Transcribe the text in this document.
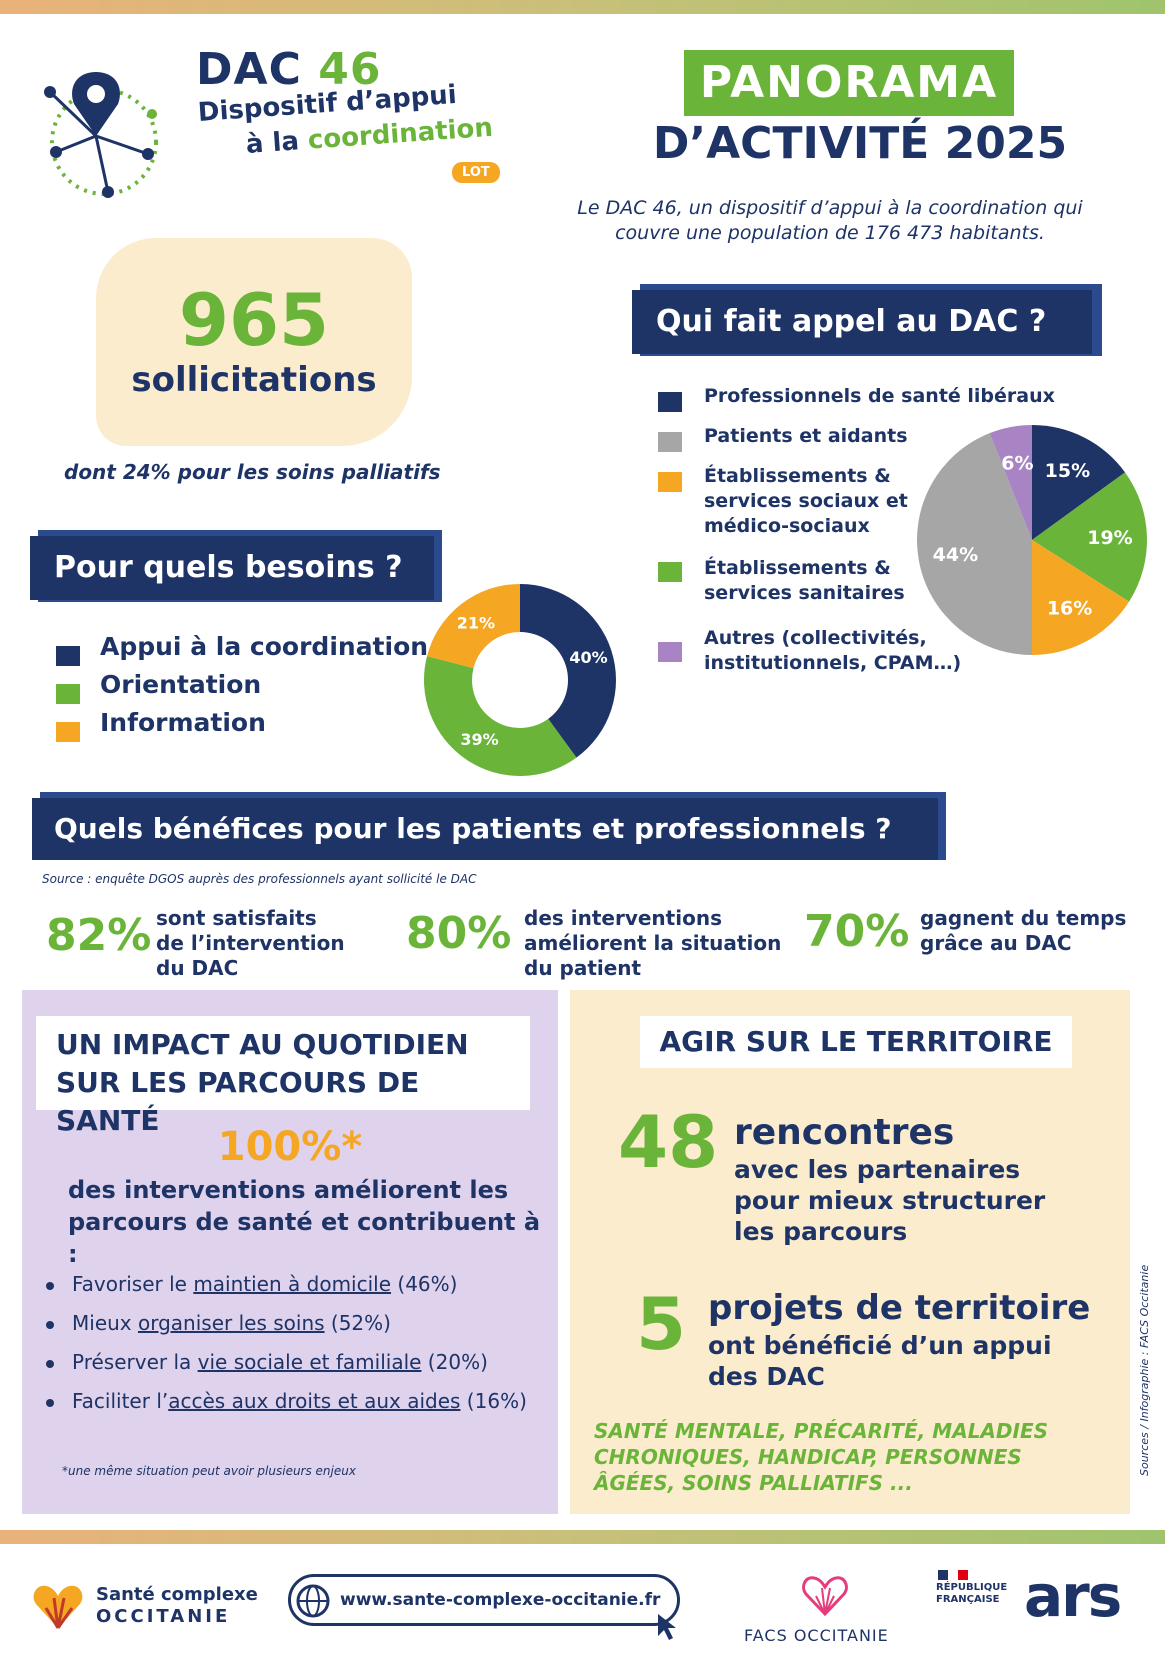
DAC 46
Dispositif d’appui
à la coordination
LOT
PANORAMA
D’ACTIVITÉ 2025
Le DAC 46, un dispositif d’appui à la coordination qui couvre une population de 176 473 habitants.
965
sollicitations
dont 24% pour les soins palliatifs
Qui fait appel au DAC ?
Professionnels de santé libéraux
Patients et aidants
Établissements & services sociaux et médico-sociaux
Établissements & services sanitaires
Autres (collectivités, institutionnels, CPAM…)
15%
19%
16%
44%
6%
Pour quels besoins ?
Appui à la coordination
Orientation
Information
40%
39%
21%
Quels bénéfices pour les patients et professionnels ?
Source : enquête DGOS auprès des professionnels ayant sollicité le DAC
82% sont satisfaits
de l’intervention
du DAC
80% des interventions
améliorent la situation
du patient
70% gagnent du temps
grâce au DAC
UN IMPACT AU QUOTIDIEN
SUR LES PARCOURS DE SANTÉ
100%*
des interventions améliorent les
parcours de santé et contribuent à :
Favoriser le maintien à domicile (46%)
Mieux organiser les soins (52%)
Préserver la vie sociale et familiale (20%)
Faciliter l’accès aux droits et aux aides (16%)
*une même situation peut avoir plusieurs enjeux
AGIR SUR LE TERRITOIRE
48 rencontres
avec les partenaires
pour mieux structurer
les parcours
5 projets de territoire
ont bénéficié d’un appui
des DAC
SANTÉ MENTALE, PRÉCARITÉ, MALADIES
CHRONIQUES, HANDICAP, PERSONNES
ÂGÉES, SOINS PALLIATIFS ...
Sources / Infographie : FACS Occitanie
Santé complexe
OCCITANIE
www.sante-complexe-occitanie.fr
FACS OCCITANIE
RÉPUBLIQUE
FRANÇAISE ars
